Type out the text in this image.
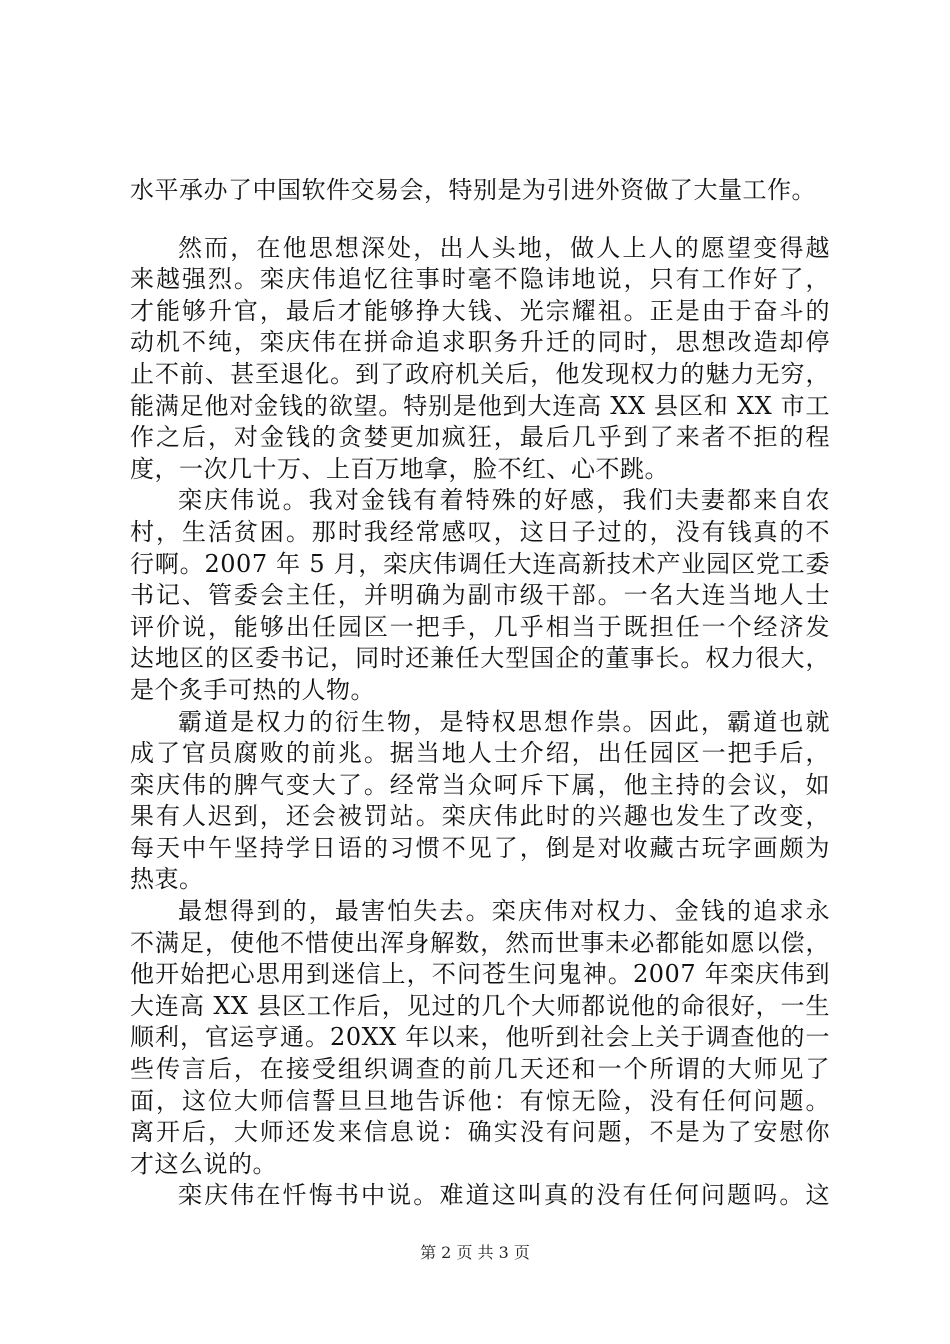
水平承办了中国软件交易会，特别是为引进外资做了大量工作。
然而，在他思想深处，出人头地，做人上人的愿望变得越
来越强烈。栾庆伟追忆往事时毫不隐讳地说，只有工作好了，
才能够升官，最后才能够挣大钱、光宗耀祖。正是由于奋斗的
动机不纯，栾庆伟在拼命追求职务升迁的同时，思想改造却停
止不前、甚至退化。到了政府机关后，他发现权力的魅力无穷，
能满足他对金钱的欲望。特别是他到大连高 XX 县区和 XX 市工
作之后，对金钱的贪婪更加疯狂，最后几乎到了来者不拒的程
度，一次几十万、上百万地拿，脸不红、心不跳。
栾庆伟说。我对金钱有着特殊的好感，我们夫妻都来自农
村，生活贫困。那时我经常感叹，这日子过的，没有钱真的不
行啊。2007 年 5 月，栾庆伟调任大连高新技术产业园区党工委
书记、管委会主任，并明确为副市级干部。一名大连当地人士
评价说，能够出任园区一把手，几乎相当于既担任一个经济发
达地区的区委书记，同时还兼任大型国企的董事长。权力很大，
是个炙手可热的人物。
霸道是权力的衍生物，是特权思想作祟。因此，霸道也就
成了官员腐败的前兆。据当地人士介绍，出任园区一把手后，
栾庆伟的脾气变大了。经常当众呵斥下属，他主持的会议，如
果有人迟到，还会被罚站。栾庆伟此时的兴趣也发生了改变，
每天中午坚持学日语的习惯不见了，倒是对收藏古玩字画颇为
热衷。
最想得到的，最害怕失去。栾庆伟对权力、金钱的追求永
不满足，使他不惜使出浑身解数，然而世事未必都能如愿以偿，
他开始把心思用到迷信上，不问苍生问鬼神。2007 年栾庆伟到
大连高 XX 县区工作后，见过的几个大师都说他的命很好，一生
顺利，官运亨通。20XX 年以来，他听到社会上关于调查他的一
些传言后，在接受组织调查的前几天还和一个所谓的大师见了
面，这位大师信誓旦旦地告诉他：有惊无险，没有任何问题。
离开后，大师还发来信息说：确实没有问题，不是为了安慰你
才这么说的。
栾庆伟在忏悔书中说。难道这叫真的没有任何问题吗。这
第 2 页 共 3 页
